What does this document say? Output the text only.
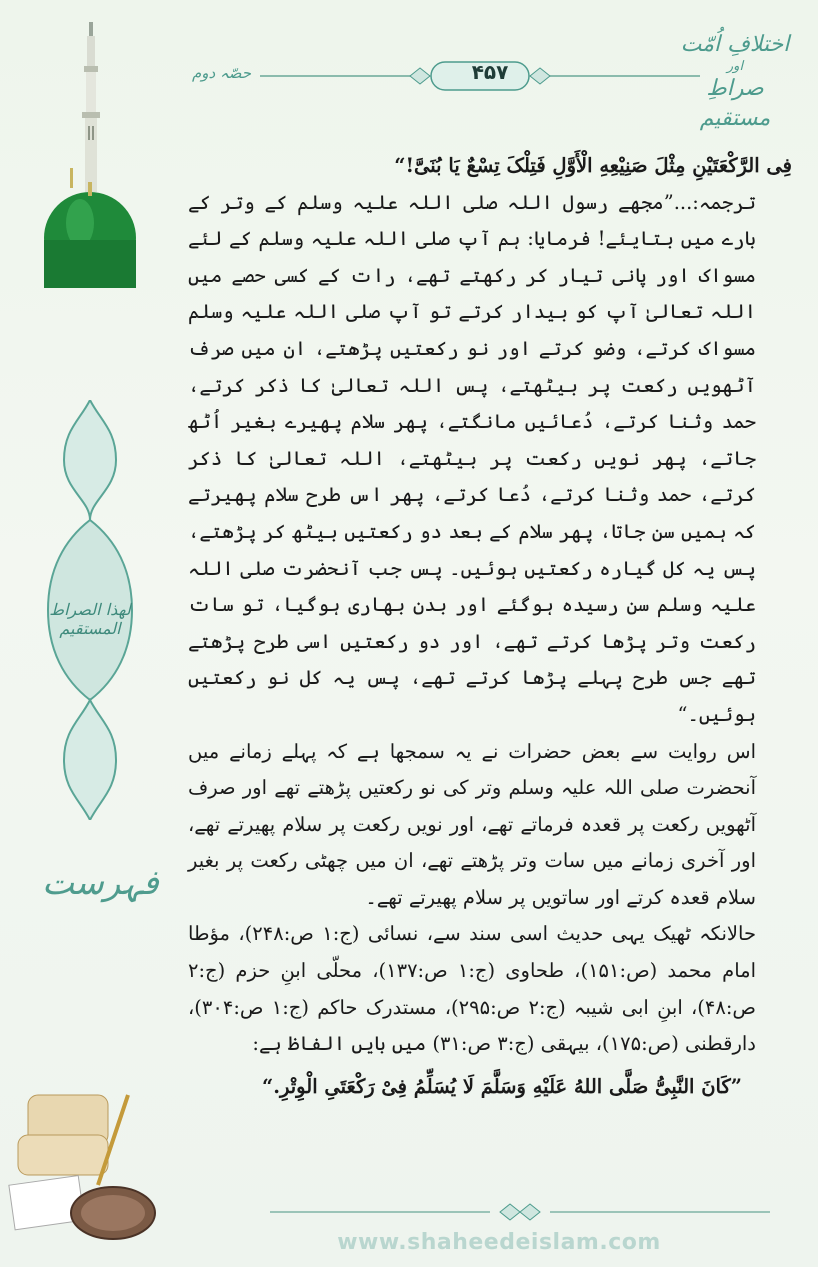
لهذا الصراط المستقیم
فہرست
اختلافِ اُمّت
اور
صراطِ مستقیم
حصّہ دوم	۴۵۷

فِی الرَّکْعَتَیْنِ مِثْلَ صَنِیْعِهِ الْأَوَّلِ فَتِلْکَ تِسْعٌ یَا بُنَیَّ!“

ترجمہ:...”مجھے رسول اللہ صلی اللہ علیہ وسلم کے وتر کے بارے میں بتایئے! فرمایا: ہم آپ صلی اللہ علیہ وسلم کے لئے مسواک اور پانی تیار کر رکھتے تھے، رات کے کسی حصے میں اللہ تعالیٰ آپ کو بیدار کرتے تو آپ صلی اللہ علیہ وسلم مسواک کرتے، وضو کرتے اور نو رکعتیں پڑھتے، ان میں صرف آٹھویں رکعت پر بیٹھتے، پس اللہ تعالیٰ کا ذکر کرتے، حمد وثنا کرتے، دُعائیں مانگتے، پھر سلام پھیرے بغیر اُٹھ جاتے، پھر نویں رکعت پر بیٹھتے، اللہ تعالیٰ کا ذکر کرتے، حمد وثنا کرتے، دُعا کرتے، پھر اس طرح سلام پھیرتے کہ ہمیں سن جاتا، پھر سلام کے بعد دو رکعتیں بیٹھ کر پڑھتے، پس یہ کل گیارہ رکعتیں ہوئیں۔ پس جب آنحضرت صلی اللہ علیہ وسلم سن رسیدہ ہوگئے اور بدن بھاری ہوگیا، تو سات رکعت وتر پڑھا کرتے تھے، اور دو رکعتیں اسی طرح پڑھتے تھے جس طرح پہلے پڑھا کرتے تھے، پس یہ کل نو رکعتیں ہوئیں۔“

اس روایت سے بعض حضرات نے یہ سمجھا ہے کہ پہلے زمانے میں آنحضرت صلی اللہ علیہ وسلم وتر کی نو رکعتیں پڑھتے تھے اور صرف آٹھویں رکعت پر قعدہ فرماتے تھے، اور نویں رکعت پر سلام پھیرتے تھے، اور آخری زمانے میں سات وتر پڑھتے تھے، ان میں چھٹی رکعت پر بغیر سلام قعدہ کرتے اور ساتویں پر سلام پھیرتے تھے۔

حالانکہ ٹھیک یہی حدیث اسی سند سے، نسائی (ج:۱ ص:۲۴۸)، مؤطا امام محمد (ص:۱۵۱)، طحاوی (ج:۱ ص:۱۳۷)، محلّی ابنِ حزم (ج:۲ ص:۴۸)، ابنِ ابی شیبہ (ج:۲ ص:۲۹۵)، مستدرک حاکم (ج:۱ ص:۳۰۴)، دارقطنی (ص:۱۷۵)، بیہقی (ج:۳ ص:۳۱) میں بایں الفاظ ہے:

”کَانَ النَّبِیُّ صَلَّی اللهُ عَلَیْهِ وَسَلَّمَ لَا یُسَلِّمُ فِیْ رَکْعَتَیِ الْوِتْرِ.“

www.shaheedeislam.com
